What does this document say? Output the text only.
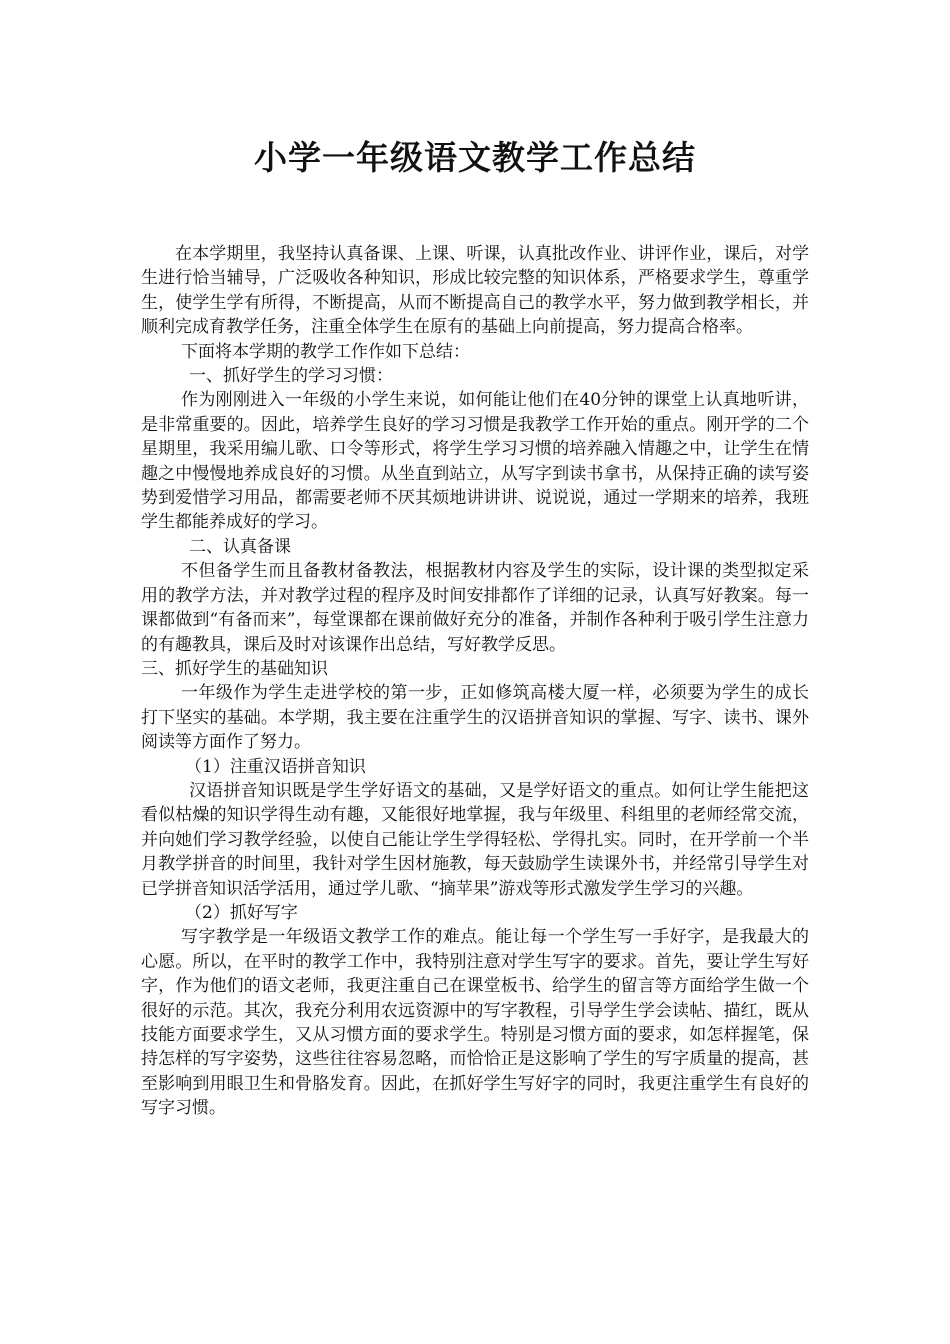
小学一年级语文教学工作总结

在本学期里，我坚持认真备课、上课、听课，认真批改作业、讲评作业，课后，对学生进行恰当辅导，广泛吸收各种知识，形成比较完整的知识体系，严格要求学生，尊重学生，使学生学有所得，不断提高，从而不断提高自己的教学水平，努力做到教学相长，并顺利完成育教学任务，注重全体学生在原有的基础上向前提高，努力提高合格率。

下面将本学期的教学工作作如下总结：

一、抓好学生的学习习惯：

作为刚刚进入一年级的小学生来说，如何能让他们在40分钟的课堂上认真地听讲，是非常重要的。因此，培养学生良好的学习习惯是我教学工作开始的重点。刚开学的二个星期里，我采用编儿歌、口令等形式，将学生学习习惯的培养融入情趣之中，让学生在情趣之中慢慢地养成良好的习惯。从坐直到站立，从写字到读书拿书，从保持正确的读写姿势到爱惜学习用品，都需要老师不厌其烦地讲讲讲、说说说，通过一学期来的培养，我班学生都能养成好的学习。

二、认真备课

不但备学生而且备教材备教法，根据教材内容及学生的实际，设计课的类型拟定采用的教学方法，并对教学过程的程序及时间安排都作了详细的记录，认真写好教案。每一课都做到“有备而来”，每堂课都在课前做好充分的准备，并制作各种利于吸引学生注意力的有趣教具，课后及时对该课作出总结，写好教学反思。

三、抓好学生的基础知识

一年级作为学生走进学校的第一步，正如修筑高楼大厦一样，必须要为学生的成长打下坚实的基础。本学期，我主要在注重学生的汉语拼音知识的掌握、写字、读书、课外阅读等方面作了努力。

（1）注重汉语拼音知识

汉语拼音知识既是学生学好语文的基础，又是学好语文的重点。如何让学生能把这看似枯燥的知识学得生动有趣，又能很好地掌握，我与年级里、科组里的老师经常交流，并向她们学习教学经验，以使自己能让学生学得轻松、学得扎实。同时，在开学前一个半月教学拼音的时间里，我针对学生因材施教，每天鼓励学生读课外书，并经常引导学生对已学拼音知识活学活用，通过学儿歌、“摘苹果”游戏等形式激发学生学习的兴趣。

（2）抓好写字

写字教学是一年级语文教学工作的难点。能让每一个学生写一手好字，是我最大的心愿。所以，在平时的教学工作中，我特别注意对学生写字的要求。首先，要让学生写好字，作为他们的语文老师，我更注重自己在课堂板书、给学生的留言等方面给学生做一个很好的示范。其次，我充分利用农远资源中的写字教程，引导学生学会读帖、描红，既从技能方面要求学生，又从习惯方面的要求学生。特别是习惯方面的要求，如怎样握笔，保持怎样的写字姿势，这些往往容易忽略，而恰恰正是这影响了学生的写字质量的提高，甚至影响到用眼卫生和骨胳发育。因此，在抓好学生写好字的同时，我更注重学生有良好的写字习惯。
